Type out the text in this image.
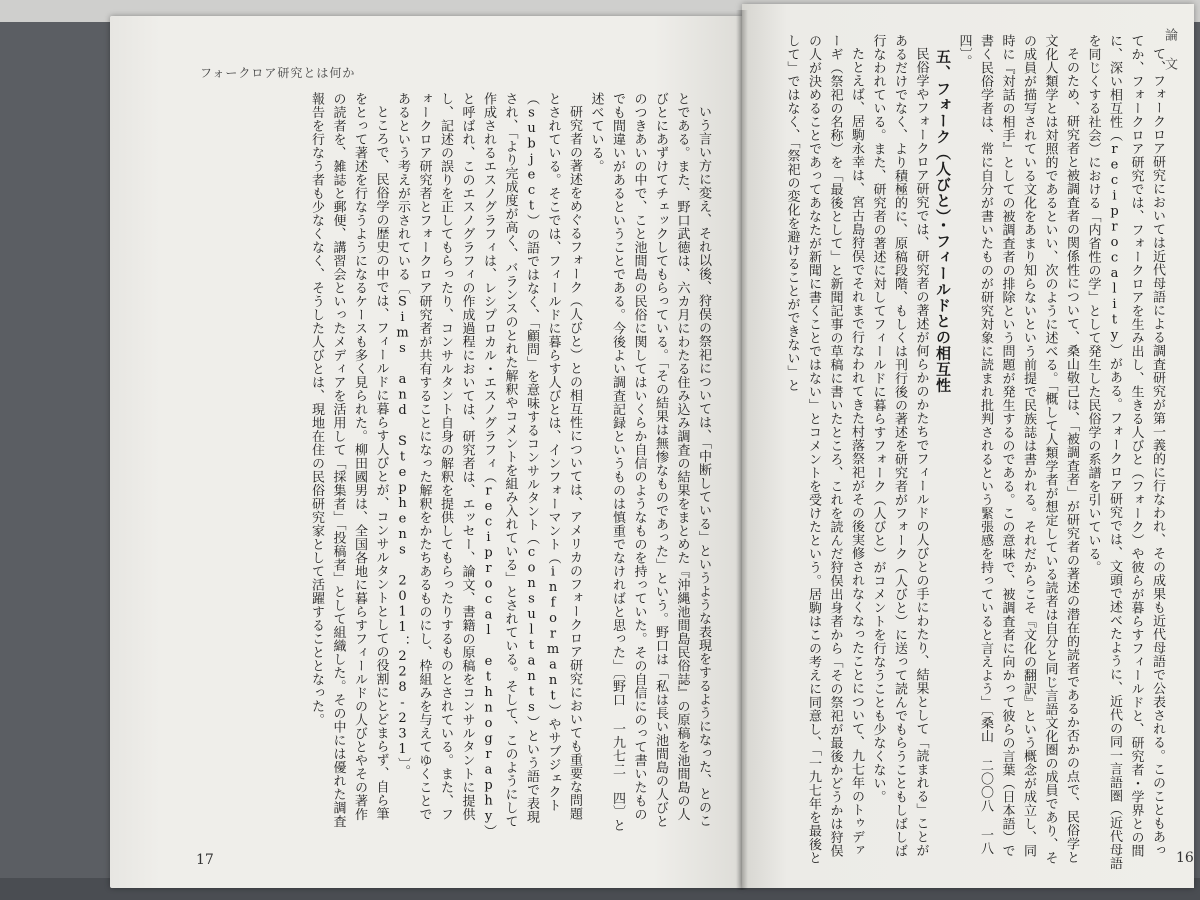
フォークロア研究とは何か	論 文

いう言い方に変え、それ以後、狩俣の祭祀については、「中断している」というような表現をするようになった、とのことである。また、野口武徳は、六カ月にわたる住み込み調査の結果をまとめた『沖縄池間島民俗誌』の原稿を池間島の人びとにあずけてチェックしてもらっている。「その結果は無惨なものであった」という。野口は「私は長い池間島の人びとのつきあいの中で、こと池間島の民俗に関してはいくらか自信のようなものを持っていた。その自信にのって書いたものでも間違いがあるということである。今後よい調査記録というものは慎重でなければと思った」〔野口 一九七二 四〕と述べている。

研究者の著述をめぐるフォーク（人びと）との相互性については、アメリカのフォークロア研究においても重要な問題とされている。そこでは、フィールドに暮らす人びとは、インフォーマント（informant）やサブジェクト（subject）の語ではなく、「顧問」を意味するコンサルタント（consultants）という語で表現され、「より完成度が高く、バランスのとれた解釈やコメントを組み入れている」とされている。そして、このようにして作成されるエスノグラフィは、レシプロカル・エスノグラフィ（reciprocal ethnography）と呼ばれ、このエスノグラフィの作成過程においては、研究者は、エッセー、論文、書籍の原稿をコンサルタントに提供し、記述の誤りを正してもらったり、コンサルタント自身の解釈を提供してもらったりするものとされている。また、フォークロア研究者とフォークロア研究者が共有することになった解釈をかたちあるものにし、枠組みを与えてゆくことであるという考えが示されている〔Sims and Stephens 2011：228-231〕。

ところで、民俗学の歴史の中では、フィールドに暮らす人びとが、コンサルタントとしての役割にとどまらず、自ら筆をとって著述を行なうようになるケースも多く見られた。柳田國男は、全国各地に暮らすフィールドの人びとやその著作の読者を、雑誌と郵便、講習会といったメディアを活用して「採集者」「投稿者」として組織した。その中には優れた調査報告を行なう者も少なくなく、そうした人びとは、現地在住の民俗研究家として活躍することとなった。	て、フォークロア研究においては近代母語による調査研究が第一義的に行なわれ、その成果も近代母語で公表される。このこともあってか、フォークロア研究では、フォークロアを生み出し、生きる人びと（フォーク）や彼らが暮らすフィールドと、研究者・学界との間に、深い相互性（reciprocality）がある。フォークロア研究では、文頭で述べたように、近代の同一言語圏（近代母語を同じくする社会）における「内省性の学」として発生した民俗学の系譜を引いている。

そのため、研究者と被調査者の関係性について、桑山敬己は、「被調査者」が研究者の著述の潜在的読者であるか否かの点で、民俗学と文化人類学とは対照的であるといい、次のように述べる。「概して人類学者が想定している読者は自分と同じ言語文化圏の成員であり、その成員が描写されている文化をあまり知らないという前提で民族誌は書かれる。それだからこそ『文化の翻訳』という概念が成立し、同時に『対話の相手』としての被調査者の排除という問題が発生するのである。この意味で、被調査者に向かって彼らの言葉（日本語）で書く民俗学者は、常に自分が書いたものが研究対象に読まれ批判されるという緊張感を持っていると言えよう」〔桑山 二〇〇八 一八四〕。

五、フォーク（人びと）・フィールドとの相互性

民俗学やフォークロア研究では、研究者の著述が何らかのかたちでフィールドの人びとの手にわたり、結果として「読まれる」ことがあるだけでなく、より積極的に、原稿段階、もしくは刊行後の著述を研究者がフォーク（人びと）に送って読んでもらうこともしばしば行なわれている。また、研究者の著述に対してフィールドに暮らすフォーク（人びと）がコメントを行なうことも少なくない。

たとえば、居駒永幸は、宮古島狩俣でそれまで行なわれてきた村落祭祀がその後実修されなくなったことについて、九七年のトゥデァーギ（祭祀の名称）を「最後として」と新聞記事の草稿に書いたところ、これを読んだ狩俣出身者から「その祭祀が最後かどうかは狩俣の人が決めることであってあなたが新聞に書くことではない」とコメントを受けたという。居駒はこの考えに同意し、「一九七年を最後として」ではなく、「祭祀の変化を避けることができない」と

17	16
